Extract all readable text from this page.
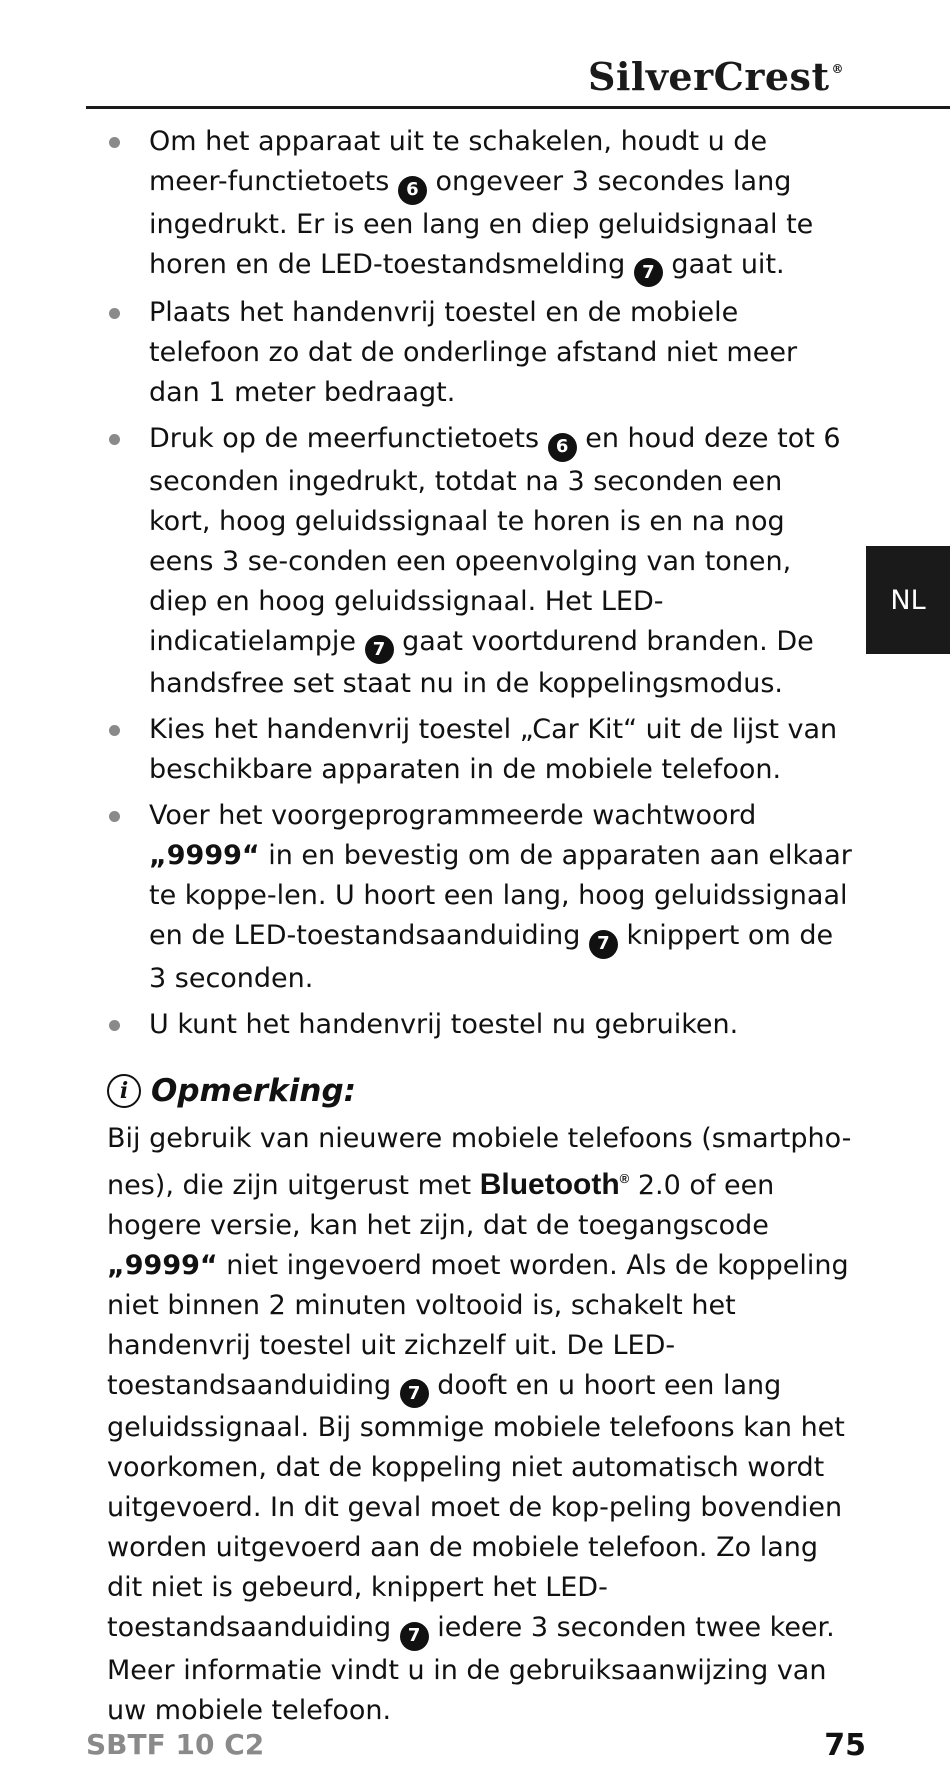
SilverCrest ®
NL
Om het apparaat uit te schakelen, houdt u de meer-functietoets 6 ongeveer 3 secondes lang ingedrukt. Er is een lang en diep geluidsignaal te horen en de LED-toestandsmelding 7 gaat uit.
Plaats het handenvrij toestel en de mobiele telefoon zo dat de onderlinge afstand niet meer dan 1 meter bedraagt.
Druk op de meerfunctietoets 6 en houd deze tot 6 seconden ingedrukt, totdat na 3 seconden een kort, hoog geluidssignaal te horen is en na nog eens 3 se-conden een opeenvolging van tonen, diep en hoog geluidssignaal. Het LED-indicatielampje 7 gaat voortdurend branden. De handsfree set staat nu in de koppelingsmodus.
Kies het handenvrij toestel „Car Kit“ uit de lijst van beschikbare apparaten in de mobiele telefoon.
Voer het voorgeprogrammeerde wachtwoord „9999“ in en bevestig om de apparaten aan elkaar te koppe-len. U hoort een lang, hoog geluidssignaal en de LED-toestandsaanduiding 7 knippert om de 3 seconden.
U kunt het handenvrij toestel nu gebruiken.
i Opmerking:

Bij gebruik van nieuwere mobiele telefoons (smartpho-nes), die zijn uitgerust met Bluetooth® 2.0 of een hogere versie, kan het zijn, dat de toegangscode „9999“ niet ingevoerd moet worden. Als de koppeling niet binnen 2 minuten voltooid is, schakelt het handenvrij toestel uit zichzelf uit. De LED-toestandsaanduiding 7 dooft en u hoort een lang geluidssignaal. Bij sommige mobiele telefoons kan het voorkomen, dat de koppeling niet automatisch wordt uitgevoerd. In dit geval moet de kop-peling bovendien worden uitgevoerd aan de mobiele telefoon. Zo lang dit niet is gebeurd, knippert het LED-toestandsaanduiding 7 iedere 3 seconden twee keer. Meer informatie vindt u in de gebruiksaanwijzing van uw mobiele telefoon.

SBTF 10 C2	75
